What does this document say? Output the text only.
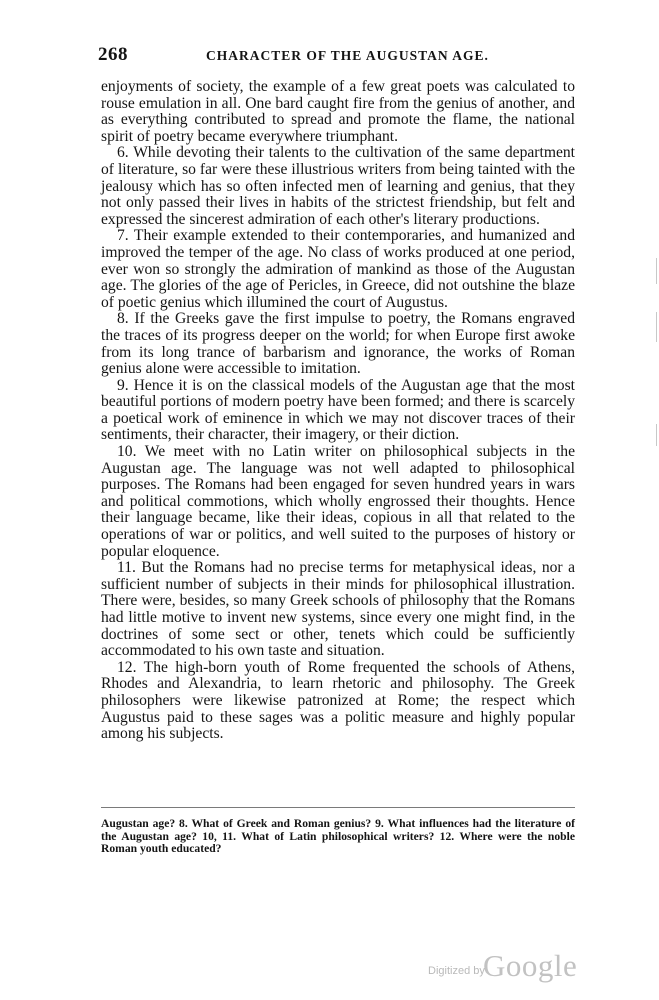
268	CHARACTER OF THE AUGUSTAN AGE.

enjoyments of society, the example of a few great poets was calculated to rouse emulation in all. One bard caught fire from the genius of another, and as everything contributed to spread and promote the flame, the national spirit of poetry became everywhere triumphant.

6. While devoting their talents to the cultivation of the same department of literature, so far were these illustrious writers from being tainted with the jealousy which has so often infected men of learning and genius, that they not only passed their lives in habits of the strictest friendship, but felt and expressed the sincerest admiration of each other's literary productions.

7. Their example extended to their contemporaries, and humanized and improved the temper of the age. No class of works produced at one period, ever won so strongly the admiration of mankind as those of the Augustan age. The glories of the age of Pericles, in Greece, did not outshine the blaze of poetic genius which illumined the court of Augustus.

8. If the Greeks gave the first impulse to poetry, the Romans engraved the traces of its progress deeper on the world; for when Europe first awoke from its long trance of barbarism and ignorance, the works of Roman genius alone were accessible to imitation.

9. Hence it is on the classical models of the Augustan age that the most beautiful portions of modern poetry have been formed; and there is scarcely a poetical work of eminence in which we may not discover traces of their sentiments, their character, their imagery, or their diction.

10. We meet with no Latin writer on philosophical subjects in the Augustan age. The language was not well adapted to philosophical purposes. The Romans had been engaged for seven hundred years in wars and political commotions, which wholly engrossed their thoughts. Hence their language became, like their ideas, copious in all that related to the operations of war or politics, and well suited to the purposes of history or popular eloquence.

11. But the Romans had no precise terms for metaphysical ideas, nor a sufficient number of subjects in their minds for philosophical illustration. There were, besides, so many Greek schools of philosophy that the Romans had little motive to invent new systems, since every one might find, in the doctrines of some sect or other, tenets which could be sufficiently accommodated to his own taste and situation.

12. The high-born youth of Rome frequented the schools of Athens, Rhodes and Alexandria, to learn rhetoric and philosophy. The Greek philosophers were likewise patronized at Rome; the respect which Augustus paid to these sages was a politic measure and highly popular among his subjects.

Augustan age? 8. What of Greek and Roman genius? 9. What influences had the literature of the Augustan age? 10, 11. What of Latin philosophical writers? 12. Where were the noble Roman youth educated?
Digitized by
Google
